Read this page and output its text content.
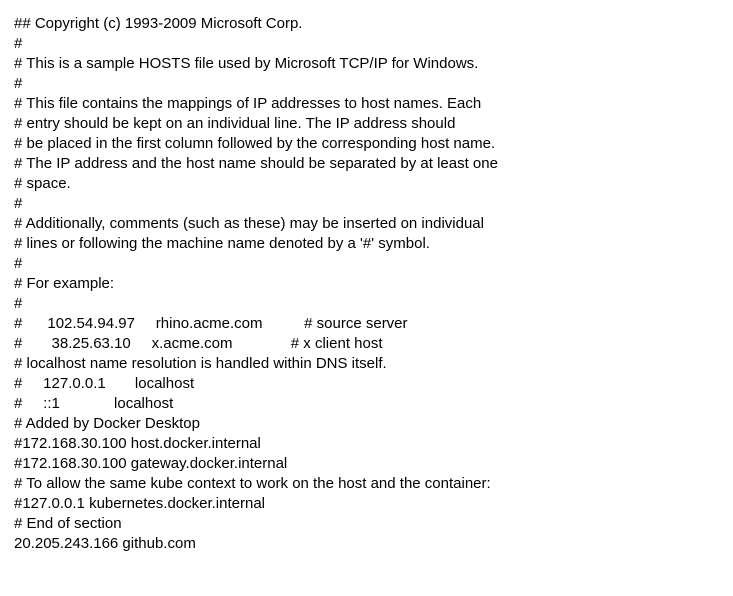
## Copyright (c) 1993-2009 Microsoft Corp.
#
# This is a sample HOSTS file used by Microsoft TCP/IP for Windows.
#
# This file contains the mappings of IP addresses to host names. Each
# entry should be kept on an individual line. The IP address should
# be placed in the first column followed by the corresponding host name.
# The IP address and the host name should be separated by at least one
# space.
#
# Additionally, comments (such as these) may be inserted on individual
# lines or following the machine name denoted by a '#' symbol.
#
# For example:
#
#      102.54.94.97     rhino.acme.com          # source server
#       38.25.63.10     x.acme.com              # x client host
# localhost name resolution is handled within DNS itself.
#     127.0.0.1       localhost
#     ::1             localhost
# Added by Docker Desktop
#172.168.30.100 host.docker.internal
#172.168.30.100 gateway.docker.internal
# To allow the same kube context to work on the host and the container:
#127.0.0.1 kubernetes.docker.internal
# End of section
20.205.243.166 github.com
